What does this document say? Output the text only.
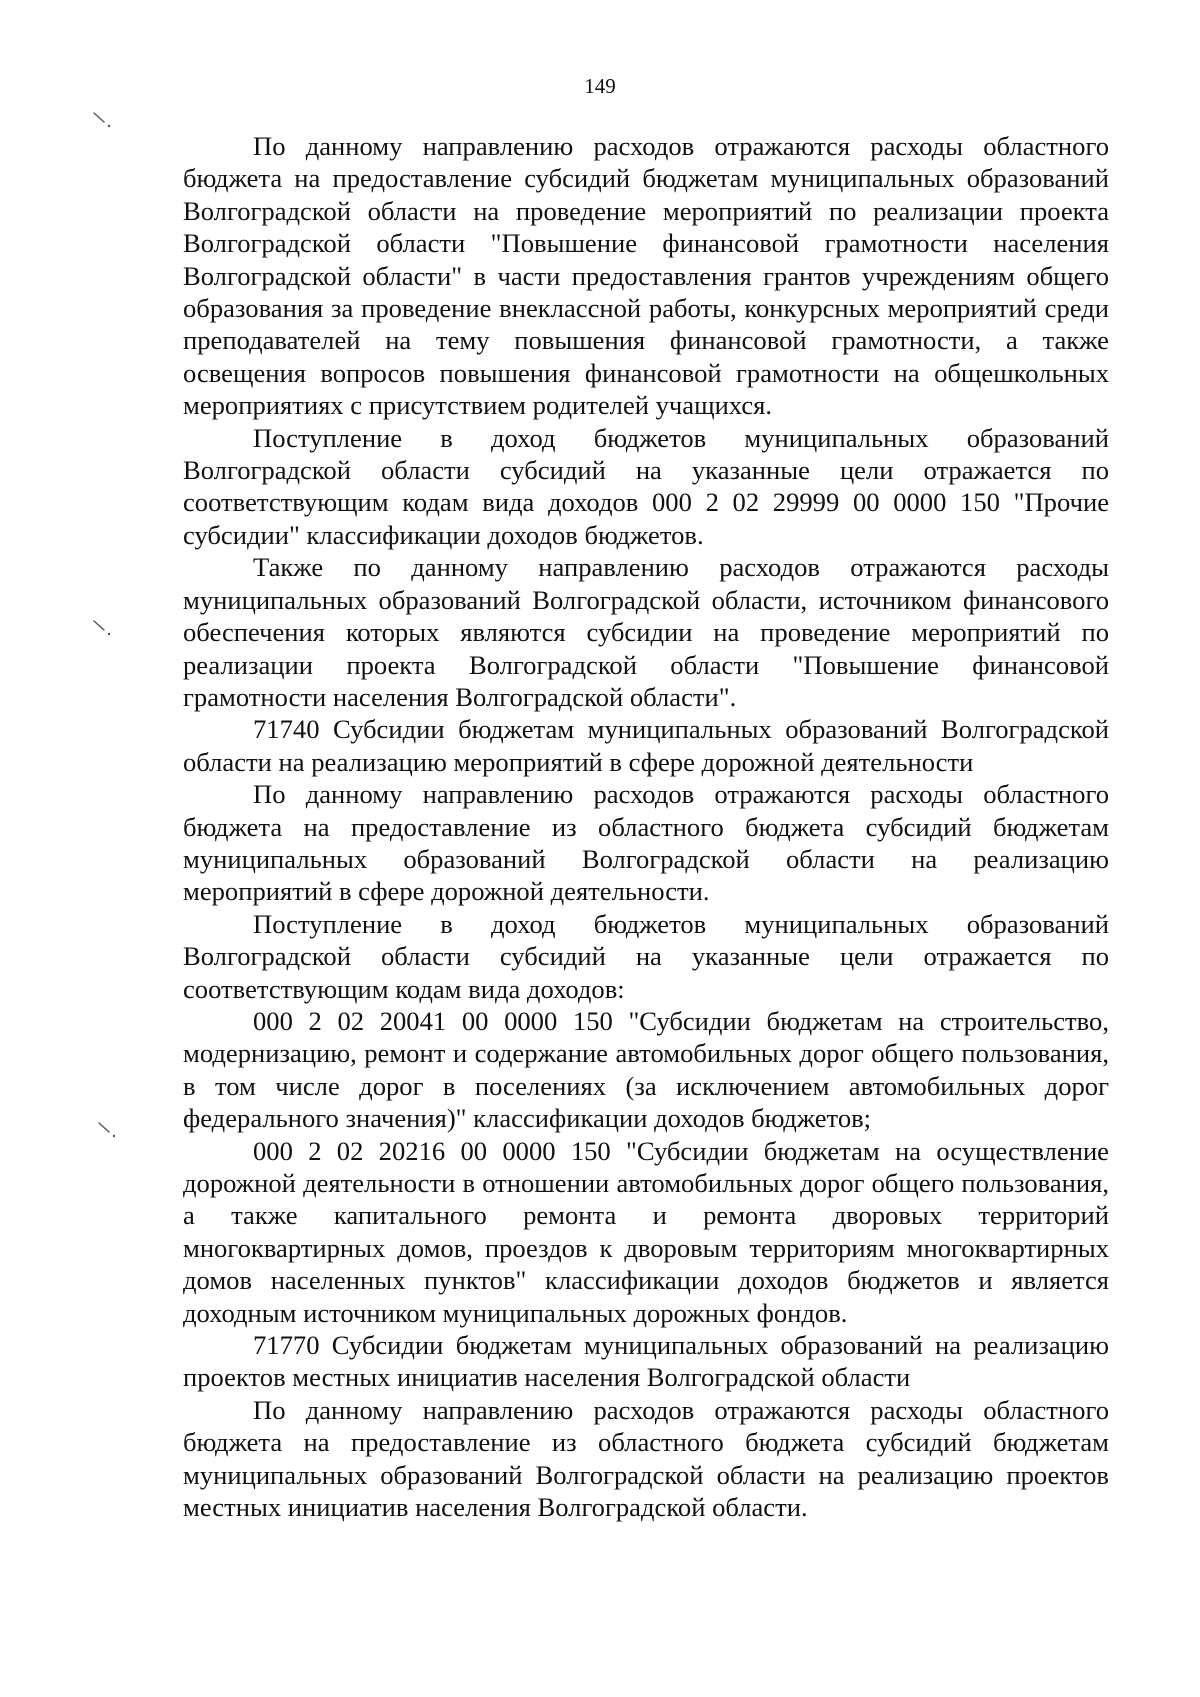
149

По данному направлению расходов отражаются расходы областного бюджета на предоставление субсидий бюджетам муниципальных образований Волгоградской области на проведение мероприятий по реализации проекта Волгоградской области "Повышение финансовой грамотности населения Волгоградской области" в части предоставления грантов учреждениям общего образования за проведение внеклассной работы, конкурсных мероприятий среди преподавателей на тему повышения финансовой грамотности, а также освещения вопросов повышения финансовой грамотности на общешкольных мероприятиях с присутствием родителей учащихся.

Поступление в доход бюджетов муниципальных образований Волгоградской области субсидий на указанные цели отражается по соответствующим кодам вида доходов 000 2 02 29999 00 0000 150 "Прочие субсидии" классификации доходов бюджетов.

Также по данному направлению расходов отражаются расходы муниципальных образований Волгоградской области, источником финансового обеспечения которых являются субсидии на проведение мероприятий по реализации проекта Волгоградской области "Повышение финансовой грамотности населения Волгоградской области".

71740 Субсидии бюджетам муниципальных образований Волгоградской области на реализацию мероприятий в сфере дорожной деятельности

По данному направлению расходов отражаются расходы областного бюджета на предоставление из областного бюджета субсидий бюджетам муниципальных образований Волгоградской области на реализацию мероприятий в сфере дорожной деятельности.

Поступление в доход бюджетов муниципальных образований Волгоградской области субсидий на указанные цели отражается по соответствующим кодам вида доходов:

000 2 02 20041 00 0000 150 "Субсидии бюджетам на строительство, модернизацию, ремонт и содержание автомобильных дорог общего пользования, в том числе дорог в поселениях (за исключением автомобильных дорог федерального значения)" классификации доходов бюджетов;

000 2 02 20216 00 0000 150 "Субсидии бюджетам на осуществление дорожной деятельности в отношении автомобильных дорог общего пользования, а также капитального ремонта и ремонта дворовых территорий многоквартирных домов, проездов к дворовым территориям многоквартирных домов населенных пунктов" классификации доходов бюджетов и является доходным источником муниципальных дорожных фондов.

71770 Субсидии бюджетам муниципальных образований на реализацию проектов местных инициатив населения Волгоградской области

По данному направлению расходов отражаются расходы областного бюджета на предоставление из областного бюджета субсидий бюджетам муниципальных образований Волгоградской области на реализацию проектов местных инициатив населения Волгоградской области.
